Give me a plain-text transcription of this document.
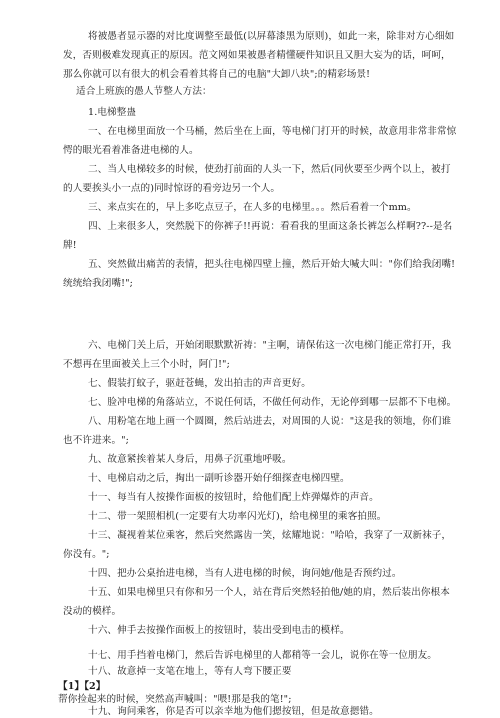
将被愚者显示器的对比度调整至最低(以屏幕漆黑为原则)，如此一来，除非对方心细如
发，否则极难发现真正的原因。范文网如果被愚者精懂硬件知识且又胆大妄为的话，呵呵，
那么你就可以有很大的机会看着其将自己的电脑"大卸八块";的精彩场景!
适合上班族的愚人节整人方法：
1.电梯整蛊
一、在电梯里面放一个马桶，然后坐在上面，等电梯门打开的时候，故意用非常非常惊
愕的眼光看着准备进电梯的人。
二、当人电梯较多的时候，使劲打前面的人头一下，然后(同伙要至少两个以上，被打
的人要挨头小一点的)同时惊讶的看旁边另一个人。
三、来点实在的，早上多吃点豆子，在人多的电梯里。。。然后看着一个mm。
四、上来很多人，突然脱下的你裤子!!再说：看看我的里面这条长裤怎么样啊??--是名
牌!
五、突然做出痛苦的表情，把头往电梯四壁上撞，然后开始大喊大叫："你们给我闭嘴!
统统给我闭嘴!";
六、电梯门关上后，开始闭眼默默祈祷："主啊，请保佑这一次电梯门能正常打开，我
不想再在里面被关上三个小时，阿门!";
七、假装打蚊子，驱赶苍蝇，发出拍击的声音更好。
七、脸冲电梯的角落站立，不说任何话，不做任何动作，无论停到哪一层都不下电梯。
八、用粉笔在地上画一个圆圈，然后站进去，对周围的人说："这是我的领地，你们谁
也不许进来。";
九、故意紧挨着某人身后，用鼻子沉重地呼吸。
十、电梯启动之后，掏出一副听诊器开始仔细探查电梯四壁。
十一、每当有人按操作面板的按钮时，给他们配上炸弹爆炸的声音。
十二、带一架照相机(一定要有大功率闪光灯)，给电梯里的乘客拍照。
十三、凝视着某位乘客，然后突然露齿一笑，炫耀地说："哈哈，我穿了一双新袜子，
你没有。";
十四、把办公桌抬进电梯，当有人进电梯的时候，询问她/他是否预约过。
十五、如果电梯里只有你和另一个人，站在背后突然轻拍他/她的肩，然后装出你根本
没动的模样。
十六、伸手去按操作面板上的按钮时，装出受到电击的模样。
十七、用手挡着电梯门，然后告诉电梯里的人都稍等一会儿，说你在等一位朋友。
十八、故意掉一支笔在地上，等有人弯下腰正要
【1】【2】
帮你捡起来的时候，突然高声喊叫："喂!那是我的笔!";
十九、询问乘客，你是否可以亲幸地为他们摁按钮，但是故意摁错。
